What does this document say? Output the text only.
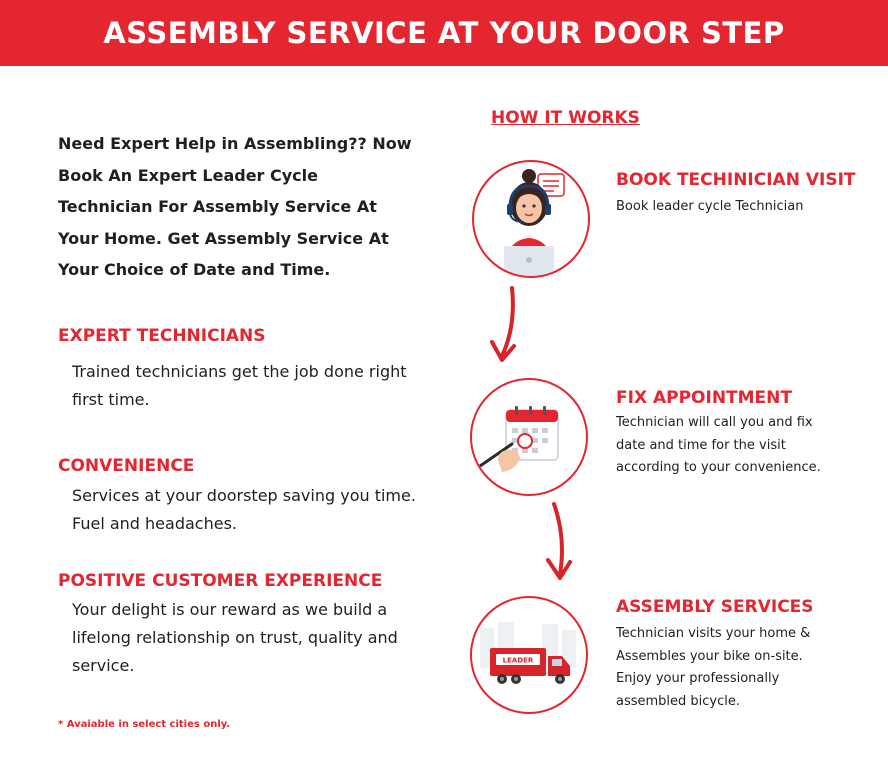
ASSEMBLY SERVICE AT YOUR DOOR STEP
Need Expert Help in Assembling?? Now Book An Expert Leader Cycle Technician For Assembly Service At Your Home. Get Assembly Service At Your Choice of Date and Time.
EXPERT TECHNICIANS
Trained technicians get the job done right first time.
CONVENIENCE
Services at your doorstep saving you time. Fuel and headaches.
POSITIVE CUSTOMER EXPERIENCE
Your delight is our reward as we build a lifelong relationship on trust, quality and service.
* Avaiable in select cities only.
HOW IT WORKS
BOOK TECHINICIAN VISIT
Book leader cycle Technician
FIX APPOINTMENT
Technician will call you and fix date and time for the visit according to your convenience.
LEADER
ASSEMBLY SERVICES
Technician visits your home & Assembles your bike on-site. Enjoy your professionally assembled bicycle.
